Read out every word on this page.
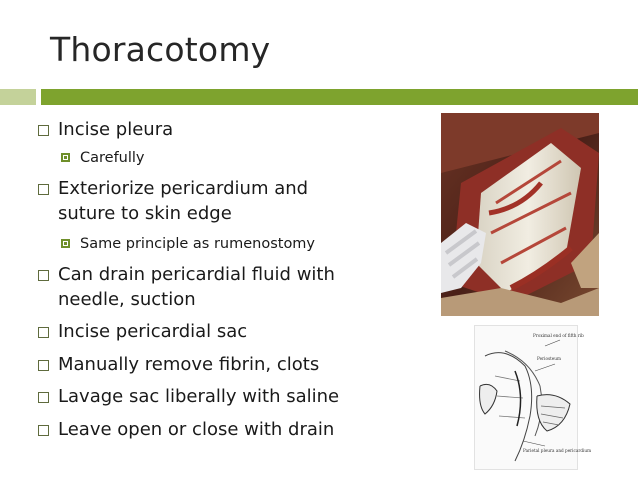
Thoracotomy
Incise pleura
Carefully
Exteriorize pericardium and suture to skin edge
Same principle as rumenostomy
Can drain pericardial fluid with needle, suction
Incise pericardial sac
Manually remove fibrin, clots
Lavage sac liberally with saline
Leave open or close with drain
Proximal end of fifth rib
Periosteum
Parietal pleura and pericardium
